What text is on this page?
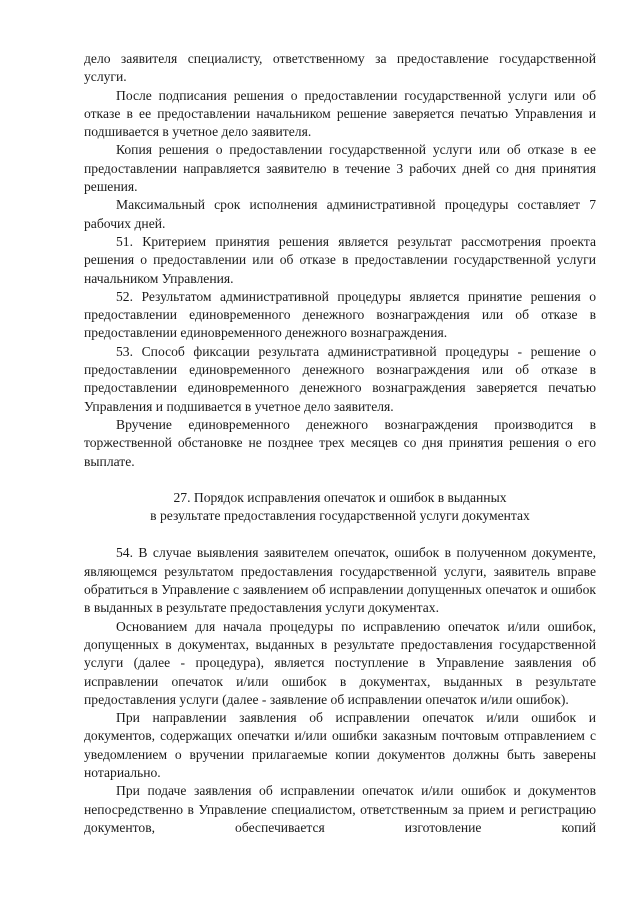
дело заявителя специалисту, ответственному за предоставление государственной услуги.

После подписания решения о предоставлении государственной услуги или об отказе в ее предоставлении начальником решение заверяется печатью Управления и подшивается в учетное дело заявителя.

Копия решения о предоставлении государственной услуги или об отказе в ее предоставлении направляется заявителю в течение 3 рабочих дней со дня принятия решения.

Максимальный срок исполнения административной процедуры составляет 7 рабочих дней.

51. Критерием принятия решения является результат рассмотрения проекта решения о предоставлении или об отказе в предоставлении государственной услуги начальником Управления.

52. Результатом административной процедуры является принятие решения о предоставлении единовременного денежного вознаграждения или об отказе в предоставлении единовременного денежного вознаграждения.

53. Способ фиксации результата административной процедуры - решение о предоставлении единовременного денежного вознаграждения или об отказе в предоставлении единовременного денежного вознаграждения заверяется печатью Управления и подшивается в учетное дело заявителя.

Вручение единовременного денежного вознаграждения производится в торжественной обстановке не позднее трех месяцев со дня принятия решения о его выплате.

27. Порядок исправления опечаток и ошибок в выданных
в результате предоставления государственной услуги документах

54. В случае выявления заявителем опечаток, ошибок в полученном документе, являющемся результатом предоставления государственной услуги, заявитель вправе обратиться в Управление с заявлением об исправлении допущенных опечаток и ошибок в выданных в результате предоставления услуги документах.

Основанием для начала процедуры по исправлению опечаток и/или ошибок, допущенных в документах, выданных в результате предоставления государственной услуги (далее - процедура), является поступление в Управление заявления об исправлении опечаток и/или ошибок в документах, выданных в результате предоставления услуги (далее - заявление об исправлении опечаток и/или ошибок).

При направлении заявления об исправлении опечаток и/или ошибок и документов, содержащих опечатки и/или ошибки заказным почтовым отправлением с уведомлением о вручении прилагаемые копии документов должны быть заверены нотариально.

При подаче заявления об исправлении опечаток и/или ошибок и документов непосредственно в Управление специалистом, ответственным за прием и регистрацию документов, обеспечивается изготовление копий
